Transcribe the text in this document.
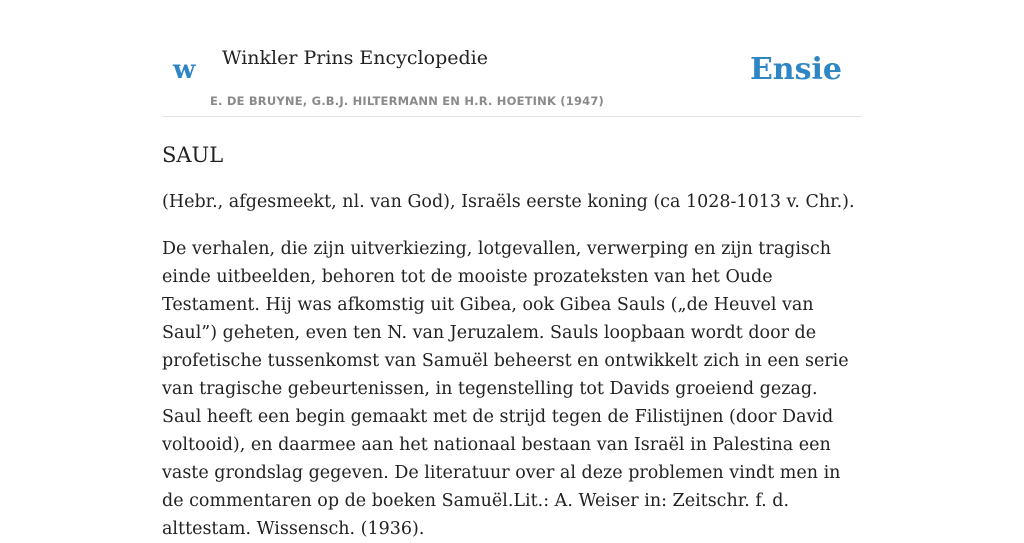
w Winkler Prins Encyclopedie
E. DE BRUYNE, G.B.J. HILTERMANN EN H.R. HOETINK (1947)
Ensie
SAUL

(Hebr., afgesmeekt, nl. van God), Israëls eerste koning (ca 1028-1013 v. Chr.).

De verhalen, die zijn uitverkiezing, lotgevallen, verwerping en zijn tragisch einde uitbeelden, behoren tot de mooiste prozateksten van het Oude Testament. Hij was afkomstig uit Gibea, ook Gibea Sauls („de Heuvel van Saul”) geheten, even ten N. van Jeruzalem. Sauls loopbaan wordt door de profetische tussenkomst van Samuël beheerst en ontwikkelt zich in een serie van tragische gebeurtenissen, in tegenstelling tot Davids groeiend gezag. Saul heeft een begin gemaakt met de strijd tegen de Filistijnen (door David voltooid), en daarmee aan het nationaal bestaan van Israël in Palestina een vaste grondslag gegeven. De literatuur over al deze problemen vindt men in de commentaren op de boeken Samuël.Lit.: A. Weiser in: Zeitschr. f. d. alttestam. Wissensch. (1936).
